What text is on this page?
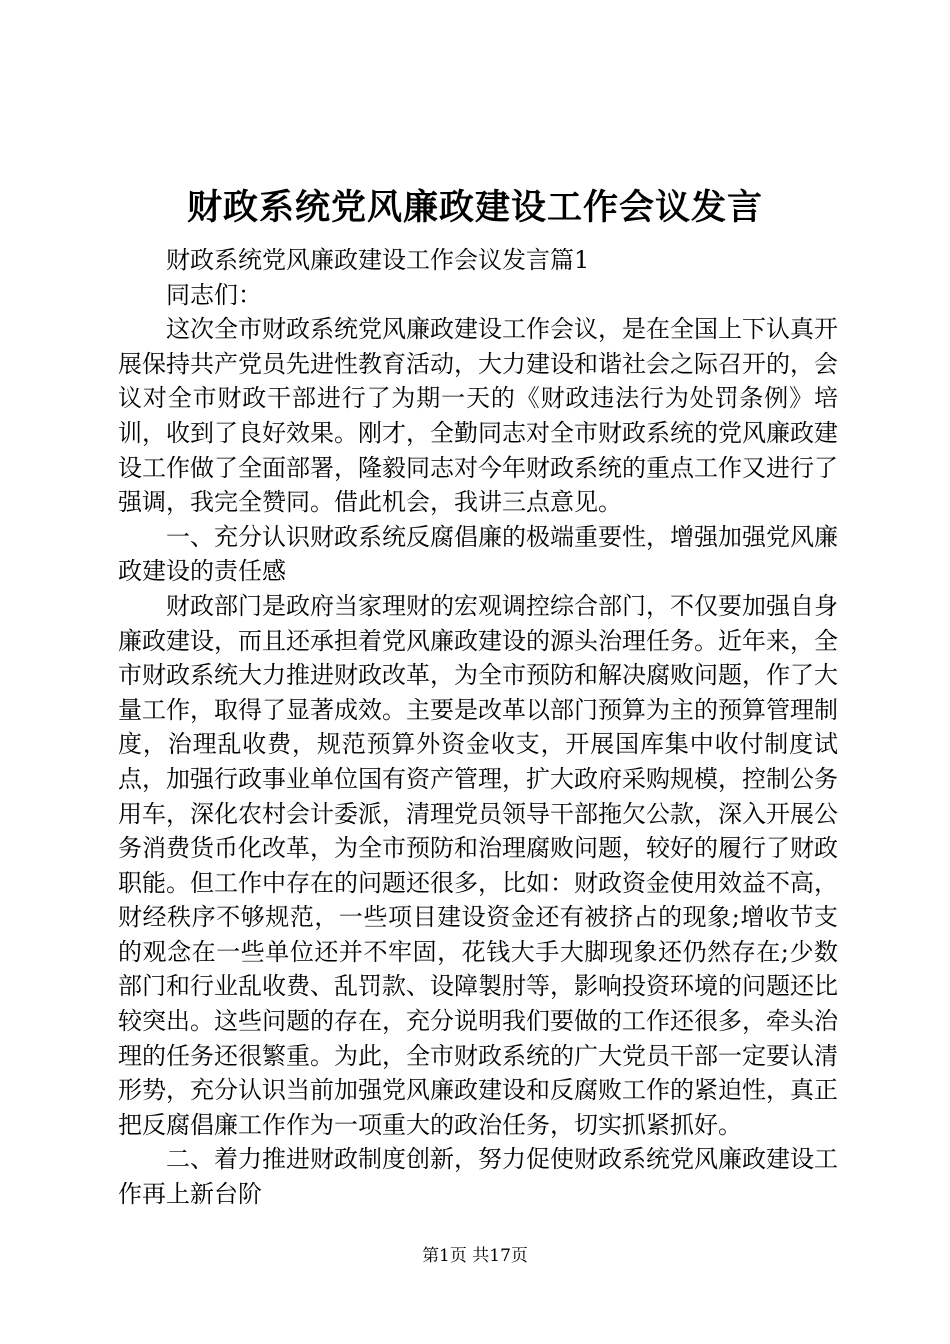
财政系统党风廉政建设工作会议发言

财政系统党风廉政建设工作会议发言篇1

同志们：

这次全市财政系统党风廉政建设工作会议，是在全国上下认真开展保持共产党员先进性教育活动，大力建设和谐社会之际召开的，会议对全市财政干部进行了为期一天的《财政违法行为处罚条例》培训，收到了良好效果。刚才，全勤同志对全市财政系统的党风廉政建设工作做了全面部署，隆毅同志对今年财政系统的重点工作又进行了强调，我完全赞同。借此机会，我讲三点意见。

一、充分认识财政系统反腐倡廉的极端重要性，增强加强党风廉政建设的责任感

财政部门是政府当家理财的宏观调控综合部门，不仅要加强自身廉政建设，而且还承担着党风廉政建设的源头治理任务。近年来，全市财政系统大力推进财政改革，为全市预防和解决腐败问题，作了大量工作，取得了显著成效。主要是改革以部门预算为主的预算管理制度，治理乱收费，规范预算外资金收支，开展国库集中收付制度试点，加强行政事业单位国有资产管理，扩大政府采购规模，控制公务用车，深化农村会计委派，清理党员领导干部拖欠公款，深入开展公务消费货币化改革，为全市预防和治理腐败问题，较好的履行了财政职能。但工作中存在的问题还很多，比如：财政资金使用效益不高，财经秩序不够规范，一些项目建设资金还有被挤占的现象;增收节支的观念在一些单位还并不牢固，花钱大手大脚现象还仍然存在;少数部门和行业乱收费、乱罚款、设障製肘等，影响投资环境的问题还比较突出。这些问题的存在，充分说明我们要做的工作还很多，牵头治理的任务还很繁重。为此，全市财政系统的广大党员干部一定要认清形势，充分认识当前加强党风廉政建设和反腐败工作的紧迫性，真正把反腐倡廉工作作为一项重大的政治任务，切实抓紧抓好。

二、着力推进财政制度创新，努力促使财政系统党风廉政建设工作再上新台阶

第1页 共17页
